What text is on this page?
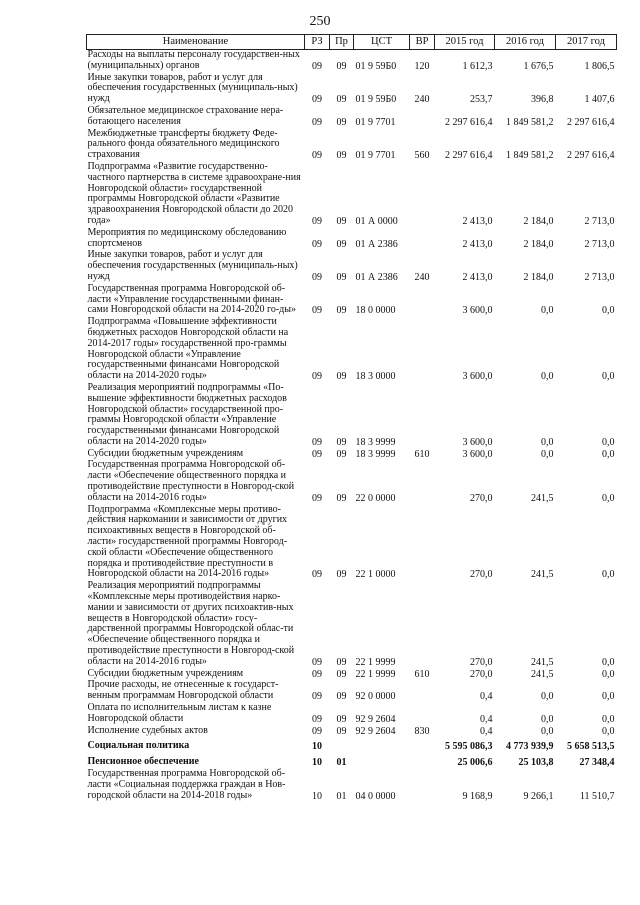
250
Наименование	РЗ	Пр	ЦСТ	ВР	2015 год	2016 год	2017 год
Расходы на выплаты персоналу государствен-ных (муниципальных) органов	09	09	01 9 59Б0	120	1 612,3	1 676,5	1 806,5
Иные закупки товаров, работ и услуг для обеспечения государственных (муниципаль-ных) нужд	09	09	01 9 59Б0	240	253,7	396,8	1 407,6
Обязательное медицинское страхование нера-ботающего населения	09	09	01 9 7701		2 297 616,4	1 849 581,2	2 297 616,4
Межбюджетные трансферты бюджету Феде-рального фонда обязательного медицинского страхования	09	09	01 9 7701	560	2 297 616,4	1 849 581,2	2 297 616,4
Подпрограмма «Развитие государственно-частного партнерства в системе здравоохране-ния Новгородской области» государственной программы Новгородской области «Развитие здравоохранения Новгородской области до 2020 года»	09	09	01 А 0000		2 413,0	2 184,0	2 713,0
Мероприятия по медицинскому обследованию спортсменов	09	09	01 А 2386		2 413,0	2 184,0	2 713,0
Иные закупки товаров, работ и услуг для обеспечения государственных (муниципаль-ных) нужд	09	09	01 А 2386	240	2 413,0	2 184,0	2 713,0
Государственная программа Новгородской об-ласти «Управление государственными финан-сами Новгородской области на 2014-2020 го-ды»	09	09	18 0 0000		3 600,0	0,0	0,0
Подпрограмма «Повышение эффективности бюджетных расходов Новгородской области на 2014-2017 годы» государственной про-граммы Новгородской области «Управление государственными финансами Новгородской области на 2014-2020 годы»	09	09	18 3 0000		3 600,0	0,0	0,0
Реализация мероприятий подпрограммы «По-вышение эффективности бюджетных расходов Новгородской области» государственной про-граммы Новгородской области «Управление государственными финансами Новгородской области на 2014-2020 годы»	09	09	18 3 9999		3 600,0	0,0	0,0
Субсидии бюджетным учреждениям	09	09	18 3 9999	610	3 600,0	0,0	0,0
Государственная программа Новгородской об-ласти «Обеспечение общественного порядка и противодействие преступности в Новгород-ской области на 2014-2016 годы»	09	09	22 0 0000		270,0	241,5	0,0
Подпрограмма «Комплексные меры противо-действия наркомании и зависимости от других психоактивных веществ в Новгородской об-ласти» государственной программы Новгород-ской области «Обеспечение общественного порядка и противодействие преступности в Новгородской области на 2014-2016 годы»	09	09	22 1 0000		270,0	241,5	0,0
Реализация мероприятий подпрограммы «Комплексные меры противодействия нарко-мании и зависимости от других психоактив-ных веществ в Новгородской области» госу-дарственной программы Новгородской облас-ти «Обеспечение общественного порядка и противодействие преступности в Новгород-ской области на 2014-2016 годы»	09	09	22 1 9999		270,0	241,5	0,0
Субсидии бюджетным учреждениям	09	09	22 1 9999	610	270,0	241,5	0,0
Прочие расходы, не отнесенные к государст-венным программам Новгородской области	09	09	92 0 0000		0,4	0,0	0,0
Оплата по исполнительным листам к казне Новгородской области	09	09	92 9 2604		0,4	0,0	0,0
Исполнение судебных актов	09	09	92 9 2604	830	0,4	0,0	0,0
Социальная политика	10				5 595 086,3	4 773 939,9	5 658 513,5
Пенсионное обеспечение	10	01			25 006,6	25 103,8	27 348,4
Государственная программа Новгородской об-ласти «Социальная поддержка граждан в Нов-городской области на 2014-2018 годы»	10	01	04 0 0000		9 168,9	9 266,1	11 510,7
